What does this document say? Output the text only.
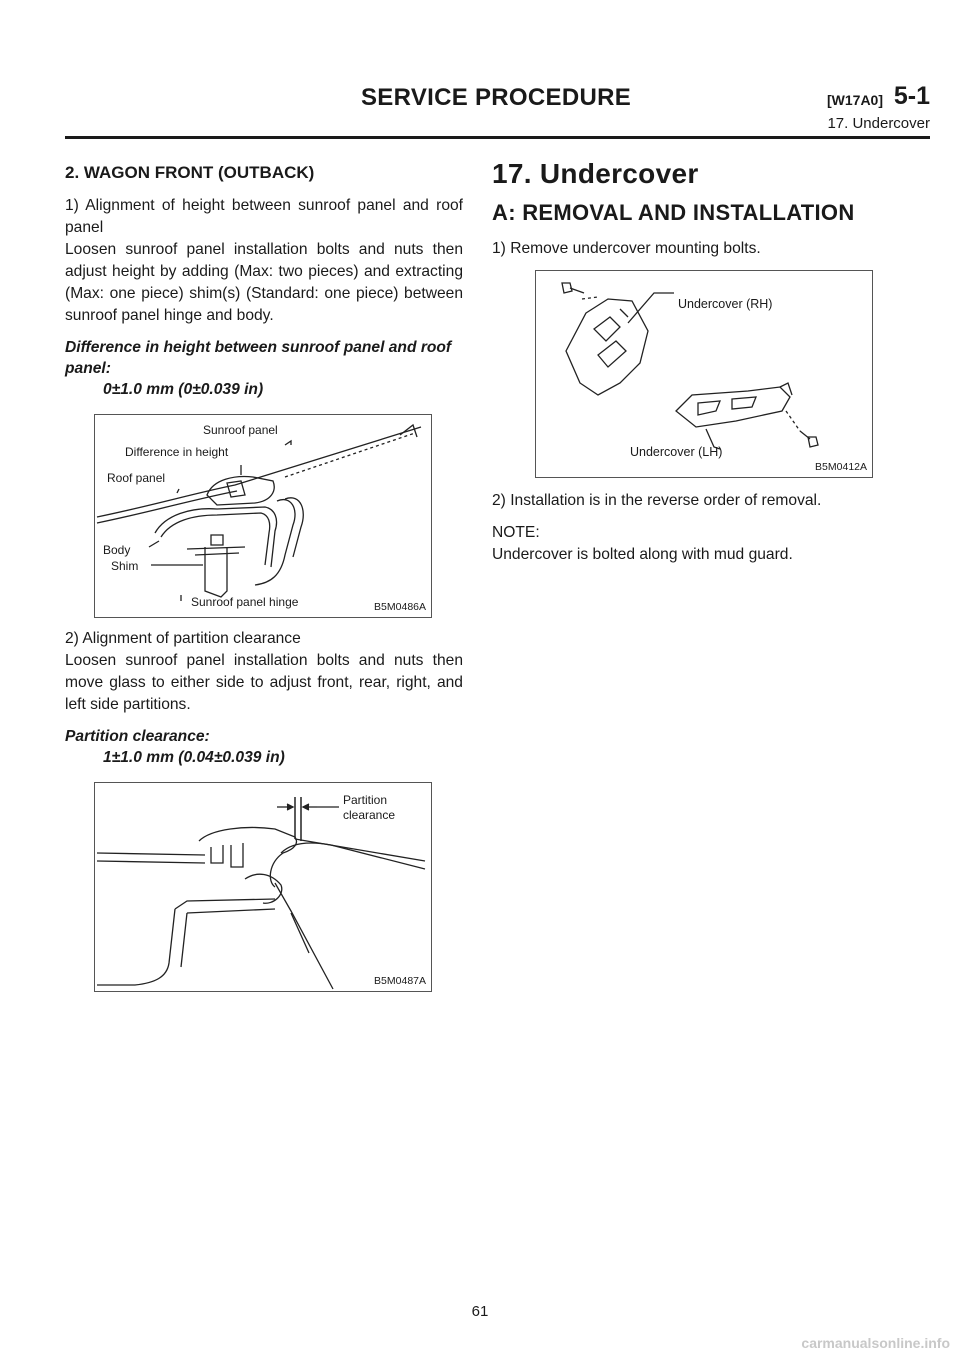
SERVICE PROCEDURE	[W17A0] 5-1
17. Undercover
2. WAGON FRONT (OUTBACK)
1) Alignment of height between sunroof panel and roof panel
Loosen sunroof panel installation bolts and nuts then adjust height by adding (Max: two pieces) and extracting (Max: one piece) shim(s) (Standard: one piece) between sunroof panel hinge and body.
Difference in height between sunroof panel and roof panel:
0±1.0 mm (0±0.039 in)
Sunroof panel
Difference in height
Roof panel
Body
Shim
Sunroof panel hinge	B5M0486A
2) Alignment of partition clearance
Loosen sunroof panel installation bolts and nuts then move glass to either side to adjust front, rear, right, and left side partitions.
Partition clearance:
1±1.0 mm (0.04±0.039 in)
Partition
clearance
B5M0487A
17. Undercover
A: REMOVAL AND INSTALLATION
1) Remove undercover mounting bolts.
Undercover (RH)
Undercover (LH)
B5M0412A
2) Installation is in the reverse order of removal.
NOTE:
Undercover is bolted along with mud guard.
61
carmanualsonline.info
